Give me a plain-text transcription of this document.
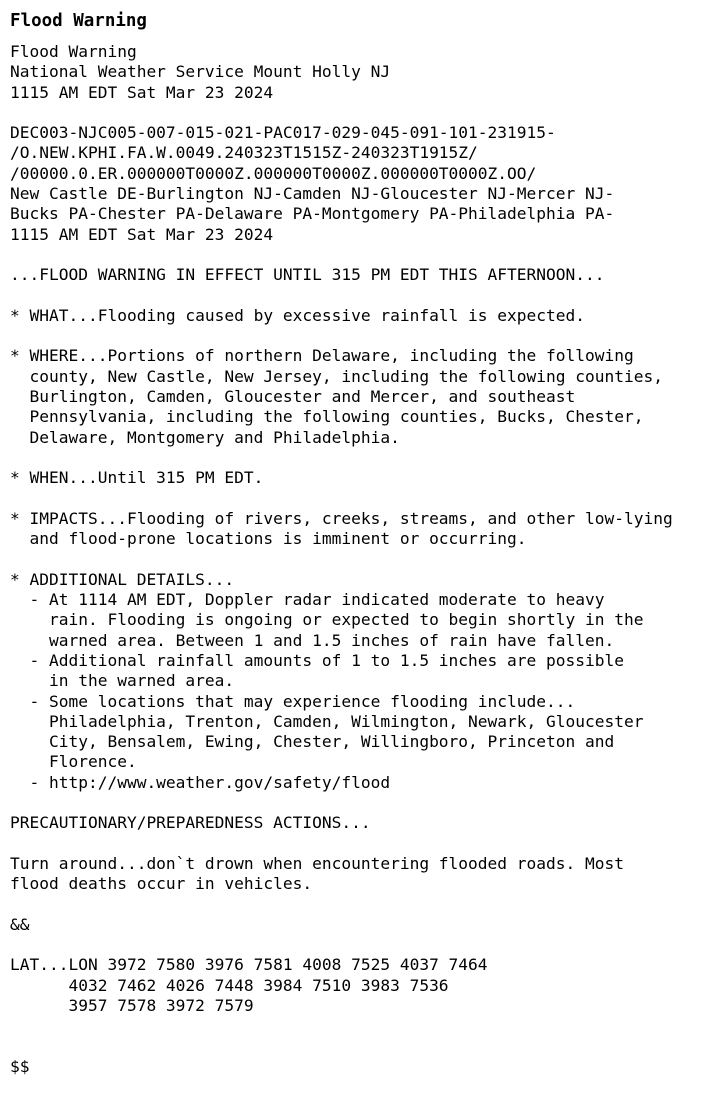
Flood Warning
Flood Warning
National Weather Service Mount Holly NJ
1115 AM EDT Sat Mar 23 2024

DEC003-NJC005-007-015-021-PAC017-029-045-091-101-231915-
/O.NEW.KPHI.FA.W.0049.240323T1515Z-240323T1915Z/
/00000.0.ER.000000T0000Z.000000T0000Z.000000T0000Z.OO/
New Castle DE-Burlington NJ-Camden NJ-Gloucester NJ-Mercer NJ-
Bucks PA-Chester PA-Delaware PA-Montgomery PA-Philadelphia PA-
1115 AM EDT Sat Mar 23 2024

...FLOOD WARNING IN EFFECT UNTIL 315 PM EDT THIS AFTERNOON...

* WHAT...Flooding caused by excessive rainfall is expected.

* WHERE...Portions of northern Delaware, including the following
county, New Castle, New Jersey, including the following counties,
Burlington, Camden, Gloucester and Mercer, and southeast
Pennsylvania, including the following counties, Bucks, Chester,
Delaware, Montgomery and Philadelphia.

* WHEN...Until 315 PM EDT.

* IMPACTS...Flooding of rivers, creeks, streams, and other low-lying
and flood-prone locations is imminent or occurring.

* ADDITIONAL DETAILS...
- At 1114 AM EDT, Doppler radar indicated moderate to heavy
rain. Flooding is ongoing or expected to begin shortly in the
warned area. Between 1 and 1.5 inches of rain have fallen.
- Additional rainfall amounts of 1 to 1.5 inches are possible
in the warned area.
- Some locations that may experience flooding include...
Philadelphia, Trenton, Camden, Wilmington, Newark, Gloucester
City, Bensalem, Ewing, Chester, Willingboro, Princeton and
Florence.
- http://www.weather.gov/safety/flood

PRECAUTIONARY/PREPAREDNESS ACTIONS...

Turn around...don`t drown when encountering flooded roads. Most
flood deaths occur in vehicles.

&&

LAT...LON 3972 7580 3976 7581 4008 7525 4037 7464
4032 7462 4026 7448 3984 7510 3983 7536
3957 7578 3972 7579

$$
